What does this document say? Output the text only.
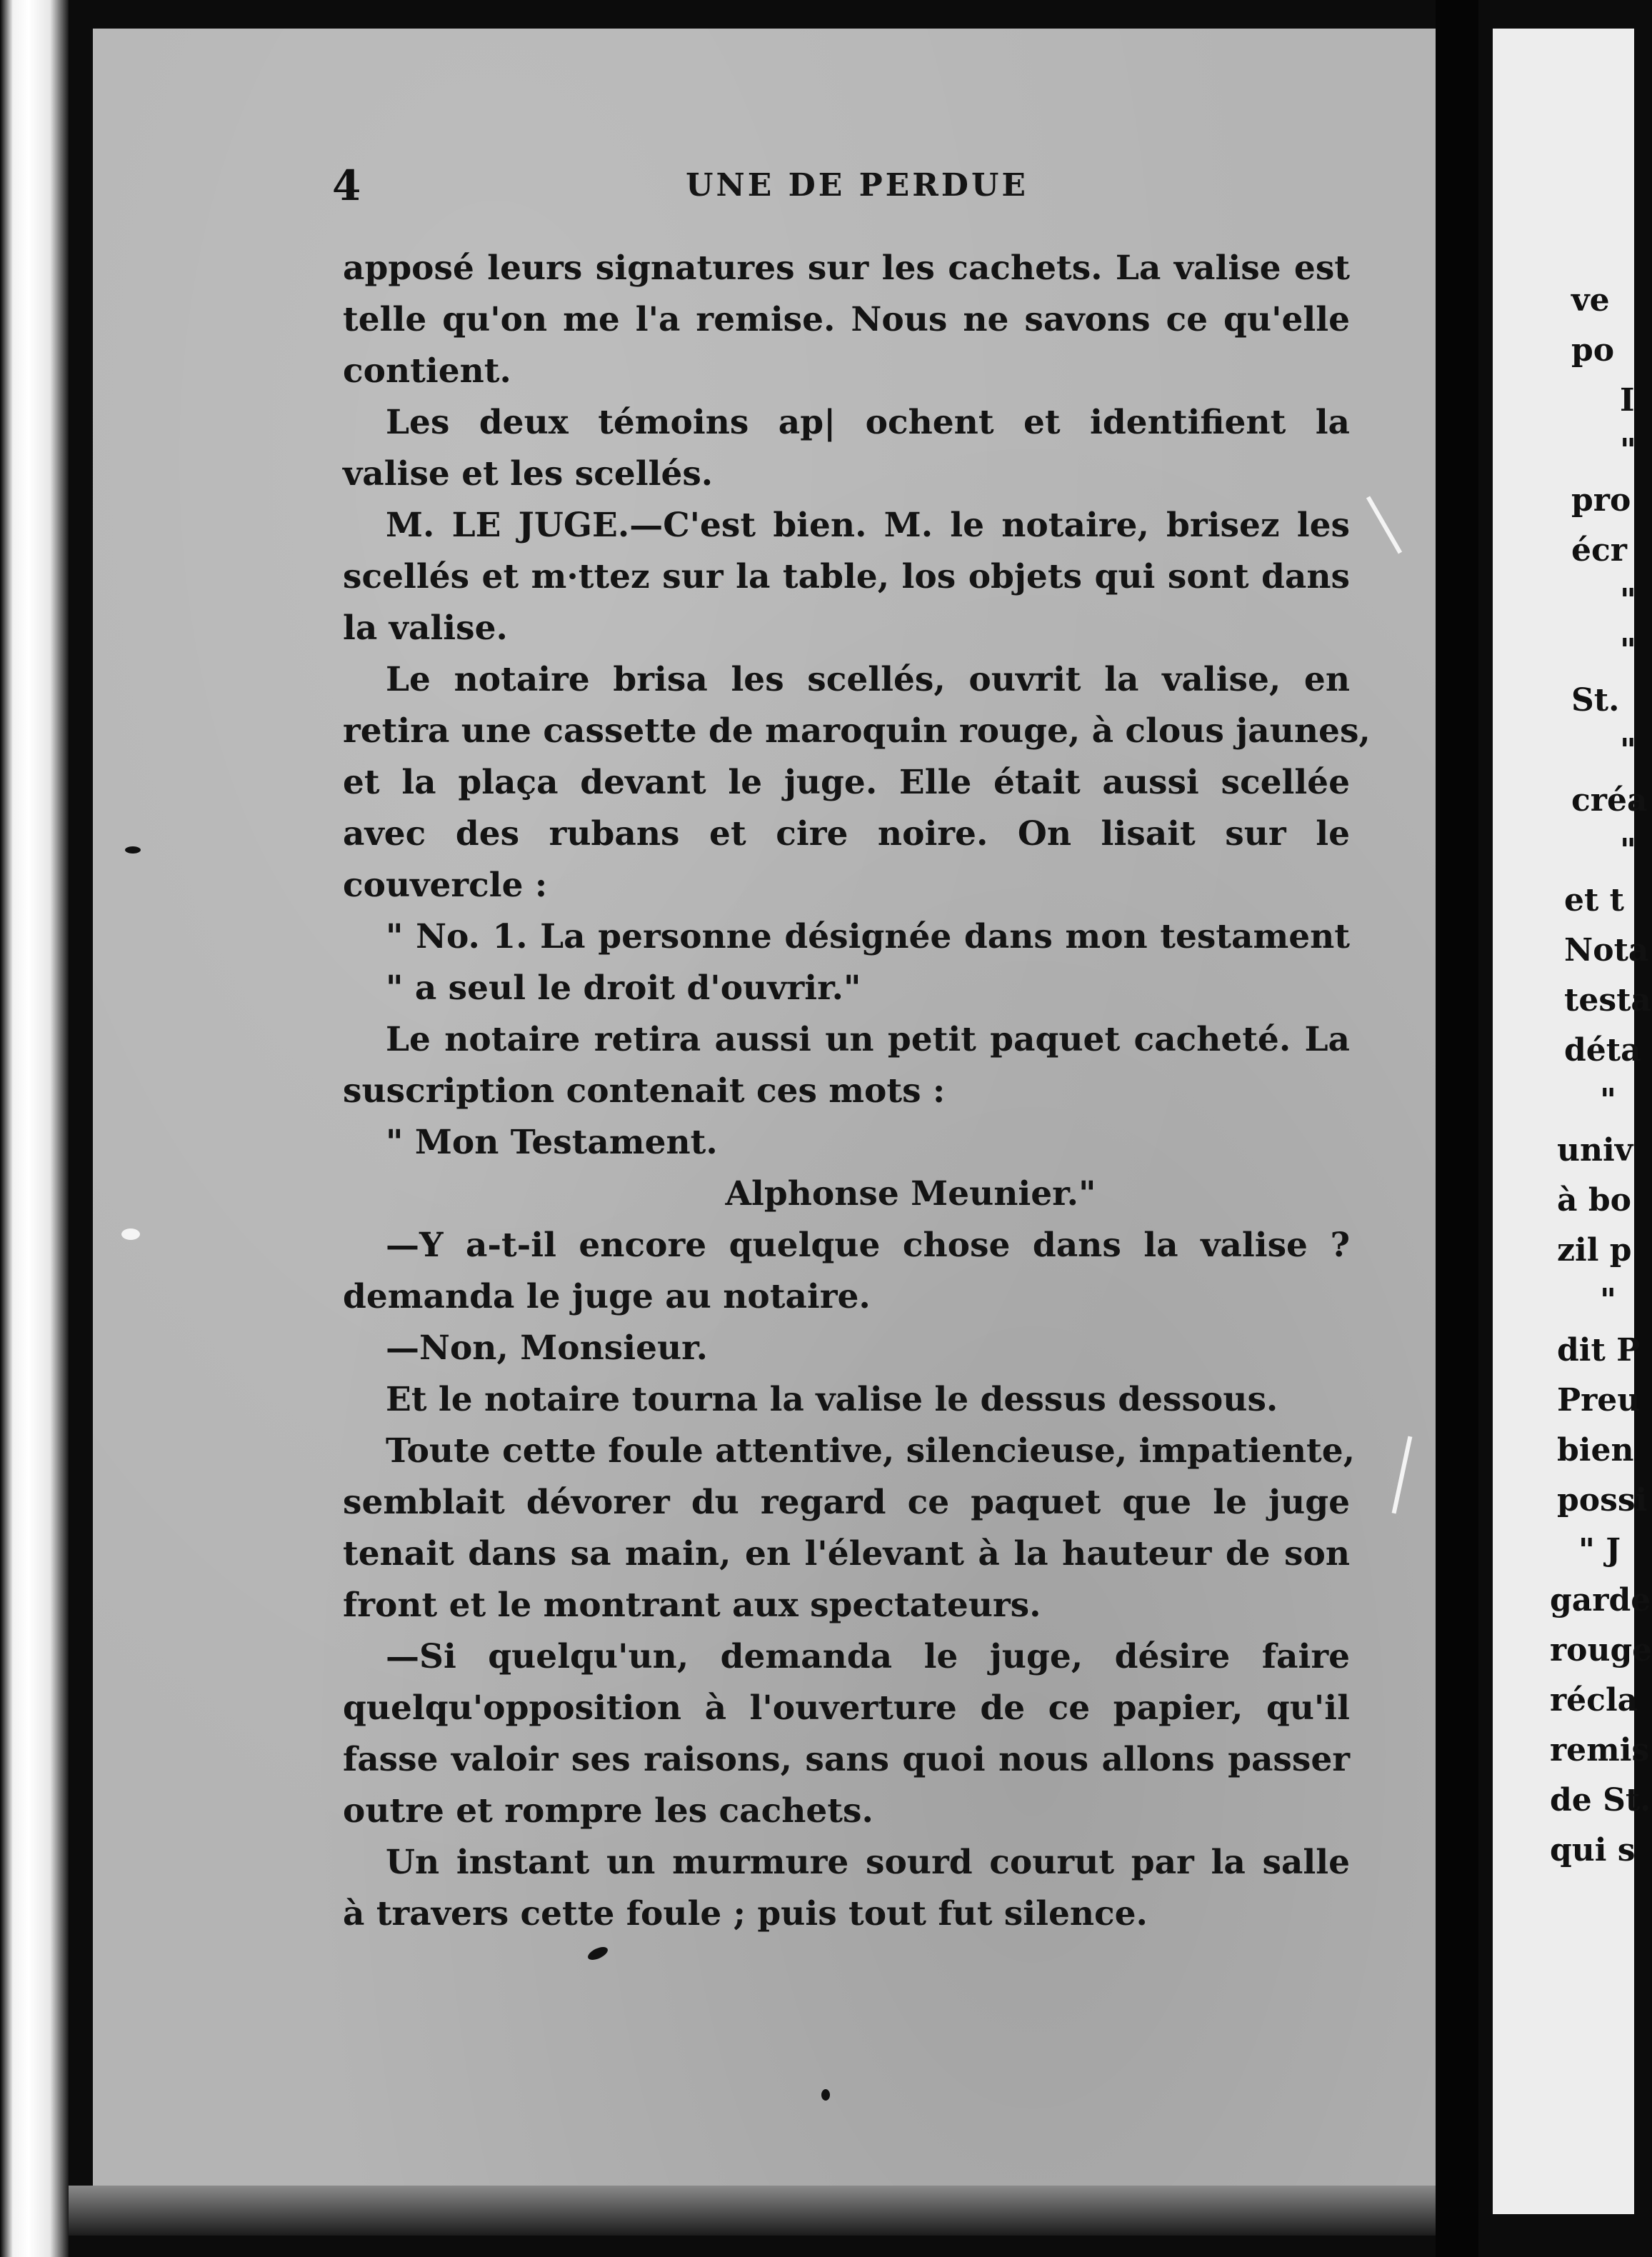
4	UNE DE PERDUE
apposé leurs signatures sur les cachets. La valise est
telle qu'on me l'a remise. Nous ne savons ce qu'elle
contient.
Les deux témoins ap| ochent et identifient la
valise et les scellés.
M. LE JUGE.—C'est bien. M. le notaire, brisez les
scellés et m·ttez sur la table, los objets qui sont dans
la valise.
Le notaire brisa les scellés, ouvrit la valise, en
retira une cassette de maroquin rouge, à clous jaunes,
et la plaça devant le juge. Elle était aussi scellée
avec des rubans et cire noire. On lisait sur le
couvercle :
" No. 1. La personne désignée dans mon testament
" a seul le droit d'ouvrir."
Le notaire retira aussi un petit paquet cacheté. La
suscription contenait ces mots :
" Mon Testament.
Alphonse Meunier."
—Y a-t-il encore quelque chose dans la valise ?
demanda le juge au notaire.
—Non, Monsieur.
Et le notaire tourna la valise le dessus dessous.
Toute cette foule attentive, silencieuse, impatiente,
semblait dévorer du regard ce paquet que le juge
tenait dans sa main, en l'élevant à la hauteur de son
front et le montrant aux spectateurs.
—Si quelqu'un, demanda le juge, désire faire
quelqu'opposition à l'ouverture de ce papier, qu'il
fasse valoir ses raisons, sans quoi nous allons passer
outre et rompre les cachets.
Un instant un murmure sourd courut par la salle
à travers cette foule ; puis tout fut silence.
ve
po
I
"
pro
écr
"
"
St.
"
créa
"
et t
Nota
testa
déta
"
univ
à bo
zil p
"
dit P
Preu
bien
possi
" J
garde
rouge
récla
remis
de St.
qui s
